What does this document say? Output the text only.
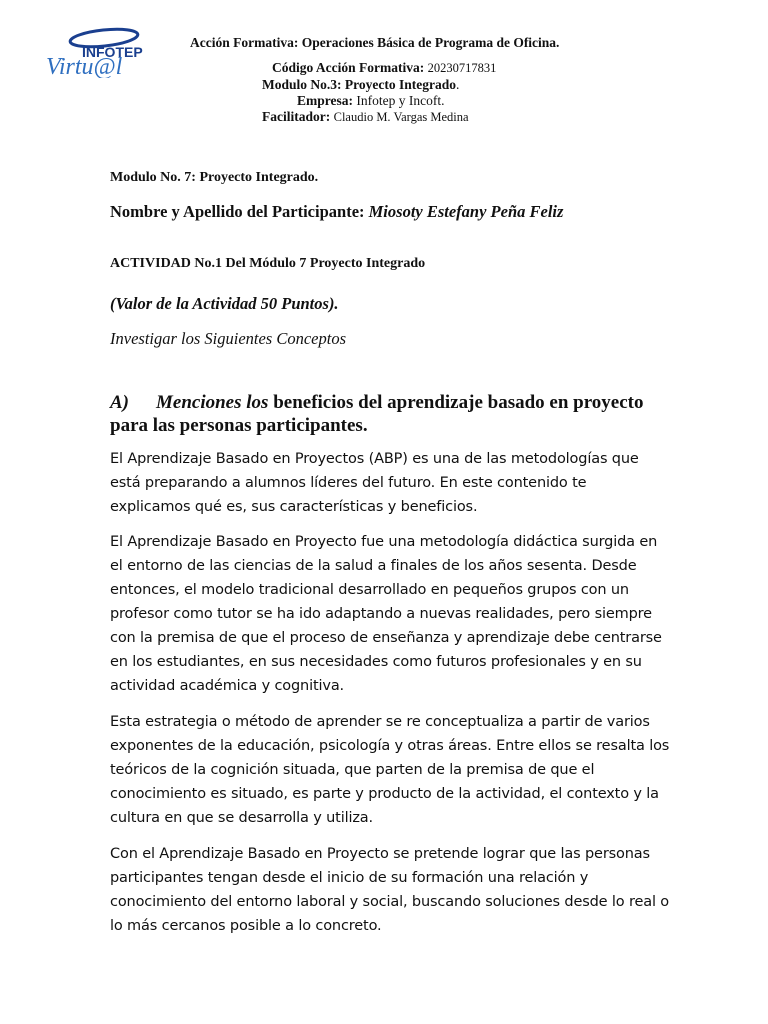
INFOTEP
Virtu@l
Acción Formativa: Operaciones Básica de Programa de Oficina.
Código Acción Formativa: 20230717831
Modulo No.3: Proyecto Integrado.
Empresa: Infotep y Incoft.
Facilitador: Claudio M. Vargas Medina
Modulo No. 7: Proyecto Integrado.
Nombre y Apellido del Participante: Miosoty Estefany Peña Feliz
ACTIVIDAD No.1 Del Módulo 7 Proyecto Integrado
(Valor de la Actividad 50 Puntos).
Investigar los Siguientes Conceptos
A) Menciones los beneficios del aprendizaje basado en proyecto para las personas participantes.

El Aprendizaje Basado en Proyectos (ABP) es una de las metodologías que está preparando a alumnos líderes del futuro. En este contenido te explicamos qué es, sus características y beneficios.

El Aprendizaje Basado en Proyecto fue una metodología didáctica surgida en el entorno de las ciencias de la salud a finales de los años sesenta. Desde entonces, el modelo tradicional desarrollado en pequeños grupos con un profesor como tutor se ha ido adaptando a nuevas realidades, pero siempre con la premisa de que el proceso de enseñanza y aprendizaje debe centrarse en los estudiantes, en sus necesidades como futuros profesionales y en su actividad académica y cognitiva.

Esta estrategia o método de aprender se re conceptualiza a partir de varios exponentes de la educación, psicología y otras áreas. Entre ellos se resalta los teóricos de la cognición situada, que parten de la premisa de que el conocimiento es situado, es parte y producto de la actividad, el contexto y la cultura en que se desarrolla y utiliza.

Con el Aprendizaje Basado en Proyecto se pretende lograr que las personas participantes tengan desde el inicio de su formación una relación y conocimiento del entorno laboral y social, buscando soluciones desde lo real o lo más cercanos posible a lo concreto.
